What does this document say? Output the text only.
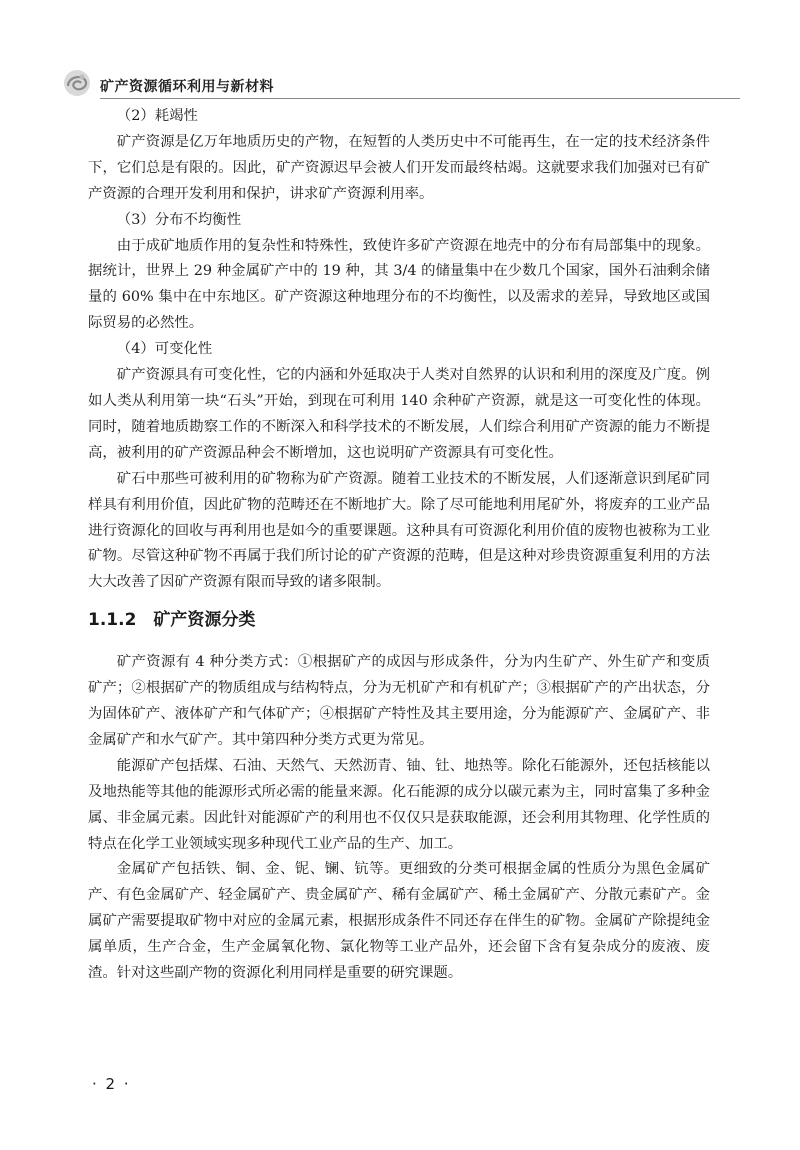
矿产资源循环利用与新材料

（2）耗竭性

矿产资源是亿万年地质历史的产物，在短暂的人类历史中不可能再生，在一定的技术经济条件下，它们总是有限的。因此，矿产资源迟早会被人们开发而最终枯竭。这就要求我们加强对已有矿产资源的合理开发利用和保护，讲求矿产资源利用率。

（3）分布不均衡性

由于成矿地质作用的复杂性和特殊性，致使许多矿产资源在地壳中的分布有局部集中的现象。据统计，世界上 29 种金属矿产中的 19 种，其 3/4 的储量集中在少数几个国家，国外石油剩余储量的 60% 集中在中东地区。矿产资源这种地理分布的不均衡性，以及需求的差异，导致地区或国际贸易的必然性。

（4）可变化性

矿产资源具有可变化性，它的内涵和外延取决于人类对自然界的认识和利用的深度及广度。例如人类从利用第一块“石头”开始，到现在可利用 140 余种矿产资源，就是这一可变化性的体现。同时，随着地质勘察工作的不断深入和科学技术的不断发展，人们综合利用矿产资源的能力不断提高，被利用的矿产资源品种会不断增加，这也说明矿产资源具有可变化性。

矿石中那些可被利用的矿物称为矿产资源。随着工业技术的不断发展，人们逐渐意识到尾矿同样具有利用价值，因此矿物的范畴还在不断地扩大。除了尽可能地利用尾矿外，将废弃的工业产品进行资源化的回收与再利用也是如今的重要课题。这种具有可资源化利用价值的废物也被称为工业矿物。尽管这种矿物不再属于我们所讨论的矿产资源的范畴，但是这种对珍贵资源重复利用的方法大大改善了因矿产资源有限而导致的诸多限制。

1.1.2　矿产资源分类

矿产资源有 4 种分类方式：①根据矿产的成因与形成条件，分为内生矿产、外生矿产和变质矿产；②根据矿产的物质组成与结构特点，分为无机矿产和有机矿产；③根据矿产的产出状态，分为固体矿产、液体矿产和气体矿产；④根据矿产特性及其主要用途，分为能源矿产、金属矿产、非金属矿产和水气矿产。其中第四种分类方式更为常见。

能源矿产包括煤、石油、天然气、天然沥青、铀、钍、地热等。除化石能源外，还包括核能以及地热能等其他的能源形式所必需的能量来源。化石能源的成分以碳元素为主，同时富集了多种金属、非金属元素。因此针对能源矿产的利用也不仅仅只是获取能源，还会利用其物理、化学性质的特点在化学工业领域实现多种现代工业产品的生产、加工。

金属矿产包括铁、铜、金、铌、镧、钪等。更细致的分类可根据金属的性质分为黑色金属矿产、有色金属矿产、轻金属矿产、贵金属矿产、稀有金属矿产、稀土金属矿产、分散元素矿产。金属矿产需要提取矿物中对应的金属元素，根据形成条件不同还存在伴生的矿物。金属矿产除提纯金属单质，生产合金，生产金属氧化物、氯化物等工业产品外，还会留下含有复杂成分的废液、废渣。针对这些副产物的资源化利用同样是重要的研究课题。

· 2 ·
